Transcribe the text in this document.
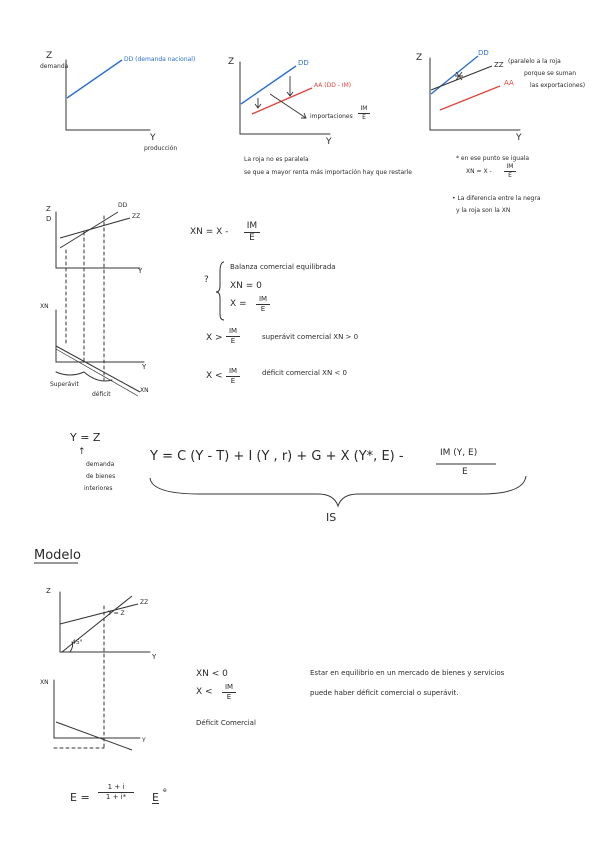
Z
demanda
DD (demanda nacional)
Y
producción
Z	DD
AA (DD - IM)
importaciones
IM
E
Y
La roja no es paralela
se que a mayor renta más importación hay que restarle
Z	DD
ZZ
AA
(paralelo a la roja
porque se suman
las exportaciones)
Y
* en ese punto se iguala
XN = X -
IM
E
• La diferencia entre la negra
y la roja son la XN
Z
D
DD
ZZ
Y
XN
Y
XN
Superávit
déficit
XN = X -
IM
E
?
Balanza comercial equilibrada
XN = 0
X =	IM
E
X >
IM
E	superávit comercial XN > 0
X < IM
E
déficit comercial XN < 0
Y = Z
↑
demanda
de bienes
interiores
Y = C (Y - T) + I (Y , r) + G + X (Y*, E) -	IM (Y, E)
E
IS
Modelo
Z
ZZ
Y = Z
45°
Y
XN
Y
XN < 0
X <	IM
E
Déficit Comercial
Estar en equilibrio en un mercado de bienes y servicios
puede haber déficit comercial o superávit.
E =
1 + i
1 + i*	E
e
